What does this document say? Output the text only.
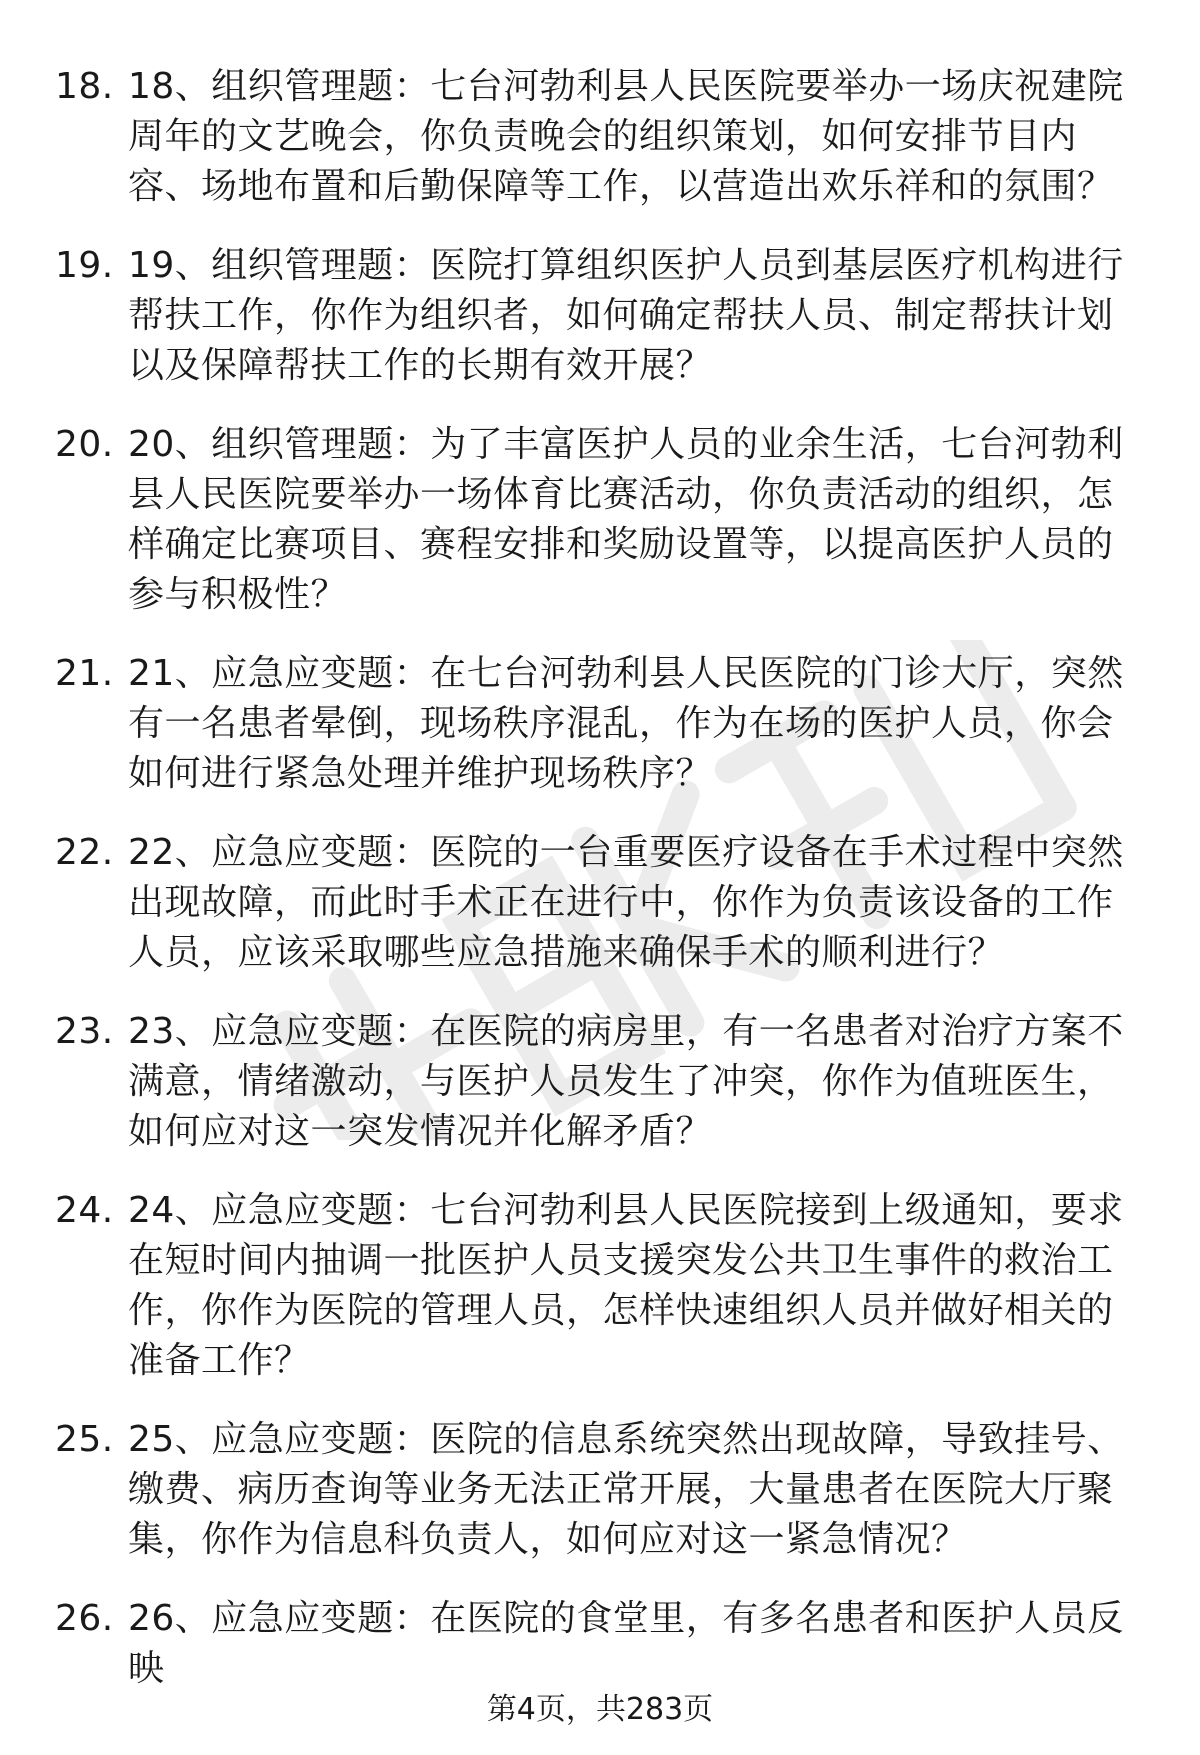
18. 18、组织管理题：七台河勃利县人民医院要举办一场庆祝建院周年的文艺晚会，你负责晚会的组织策划，如何安排节目内容、场地布置和后勤保障等工作，以营造出欢乐祥和的氛围？
19. 19、组织管理题：医院打算组织医护人员到基层医疗机构进行帮扶工作，你作为组织者，如何确定帮扶人员、制定帮扶计划以及保障帮扶工作的长期有效开展？
20. 20、组织管理题：为了丰富医护人员的业余生活，七台河勃利县人民医院要举办一场体育比赛活动，你负责活动的组织，怎样确定比赛项目、赛程安排和奖励设置等，以提高医护人员的参与积极性？
21. 21、应急应变题：在七台河勃利县人民医院的门诊大厅，突然有一名患者晕倒，现场秩序混乱，作为在场的医护人员，你会如何进行紧急处理并维护现场秩序？
22. 22、应急应变题：医院的一台重要医疗设备在手术过程中突然出现故障，而此时手术正在进行中，你作为负责该设备的工作人员，应该采取哪些应急措施来确保手术的顺利进行？
23. 23、应急应变题：在医院的病房里，有一名患者对治疗方案不满意，情绪激动，与医护人员发生了冲突，你作为值班医生，如何应对这一突发情况并化解矛盾？
24. 24、应急应变题：七台河勃利县人民医院接到上级通知，要求在短时间内抽调一批医护人员支援突发公共卫生事件的救治工作，你作为医院的管理人员，怎样快速组织人员并做好相关的准备工作？
25. 25、应急应变题：医院的信息系统突然出现故障，导致挂号、缴费、病历查询等业务无法正常开展，大量患者在医院大厅聚集，你作为信息科负责人，如何应对这一紧急情况？
26. 26、应急应变题：在医院的食堂里，有多名患者和医护人员反映
第4页，共283页
